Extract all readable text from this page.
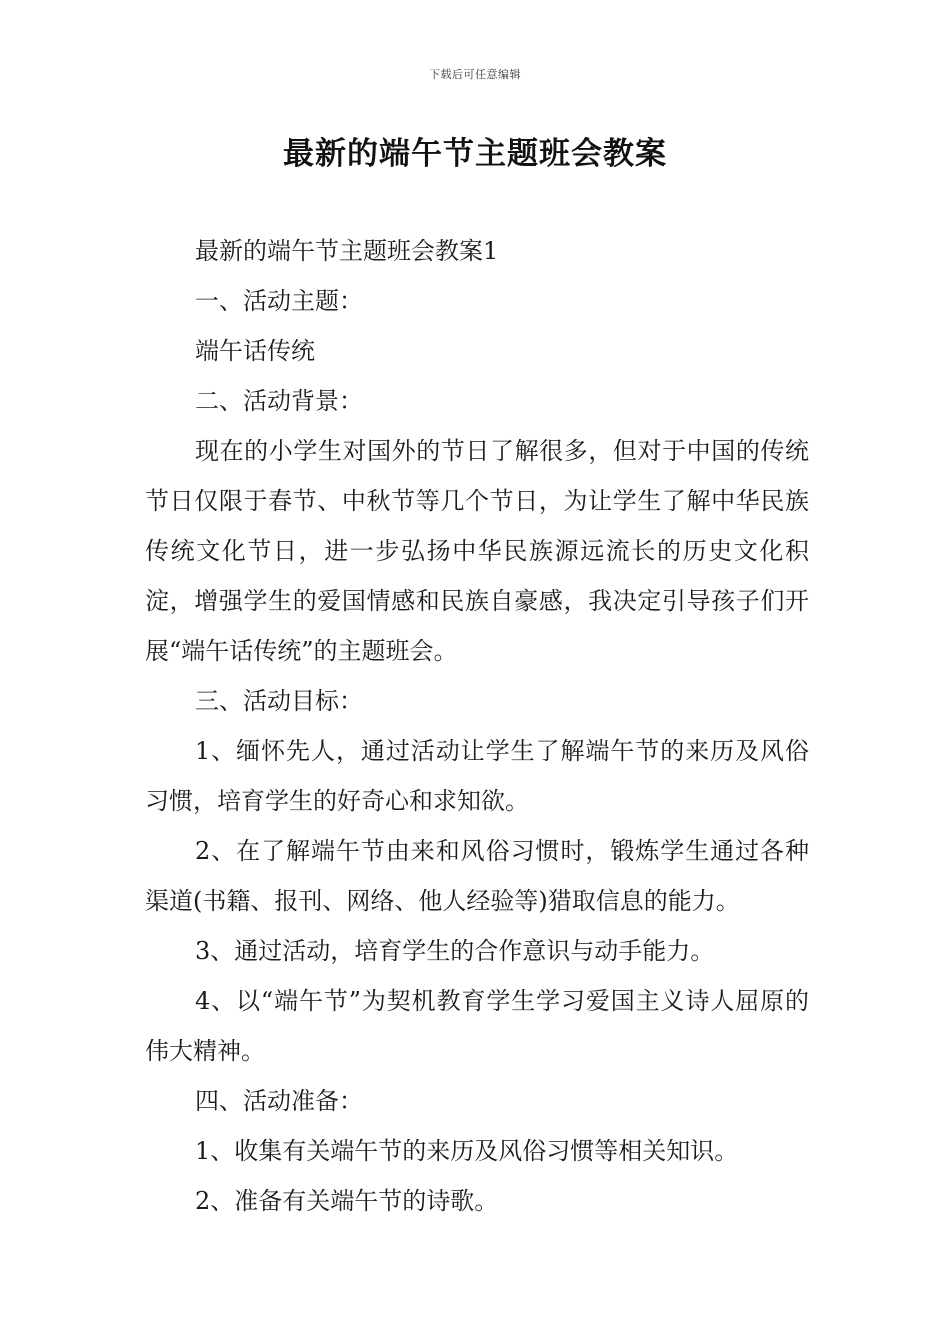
下载后可任意编辑
最新的端午节主题班会教案

最新的端午节主题班会教案1

一、活动主题：

端午话传统

二、活动背景：

现在的小学生对国外的节日了解很多，但对于中国的传统节日仅限于春节、中秋节等几个节日，为让学生了解中华民族传统文化节日，进一步弘扬中华民族源远流长的历史文化积淀，增强学生的爱国情感和民族自豪感，我决定引导孩子们开展“端午话传统”的主题班会。

三、活动目标：

1、缅怀先人，通过活动让学生了解端午节的来历及风俗习惯，培育学生的好奇心和求知欲。

2、在了解端午节由来和风俗习惯时，锻炼学生通过各种渠道(书籍、报刊、网络、他人经验等)猎取信息的能力。

3、通过活动，培育学生的合作意识与动手能力。

4、以“端午节”为契机教育学生学习爱国主义诗人屈原的伟大精神。

四、活动准备：

1、收集有关端午节的来历及风俗习惯等相关知识。

2、准备有关端午节的诗歌。
